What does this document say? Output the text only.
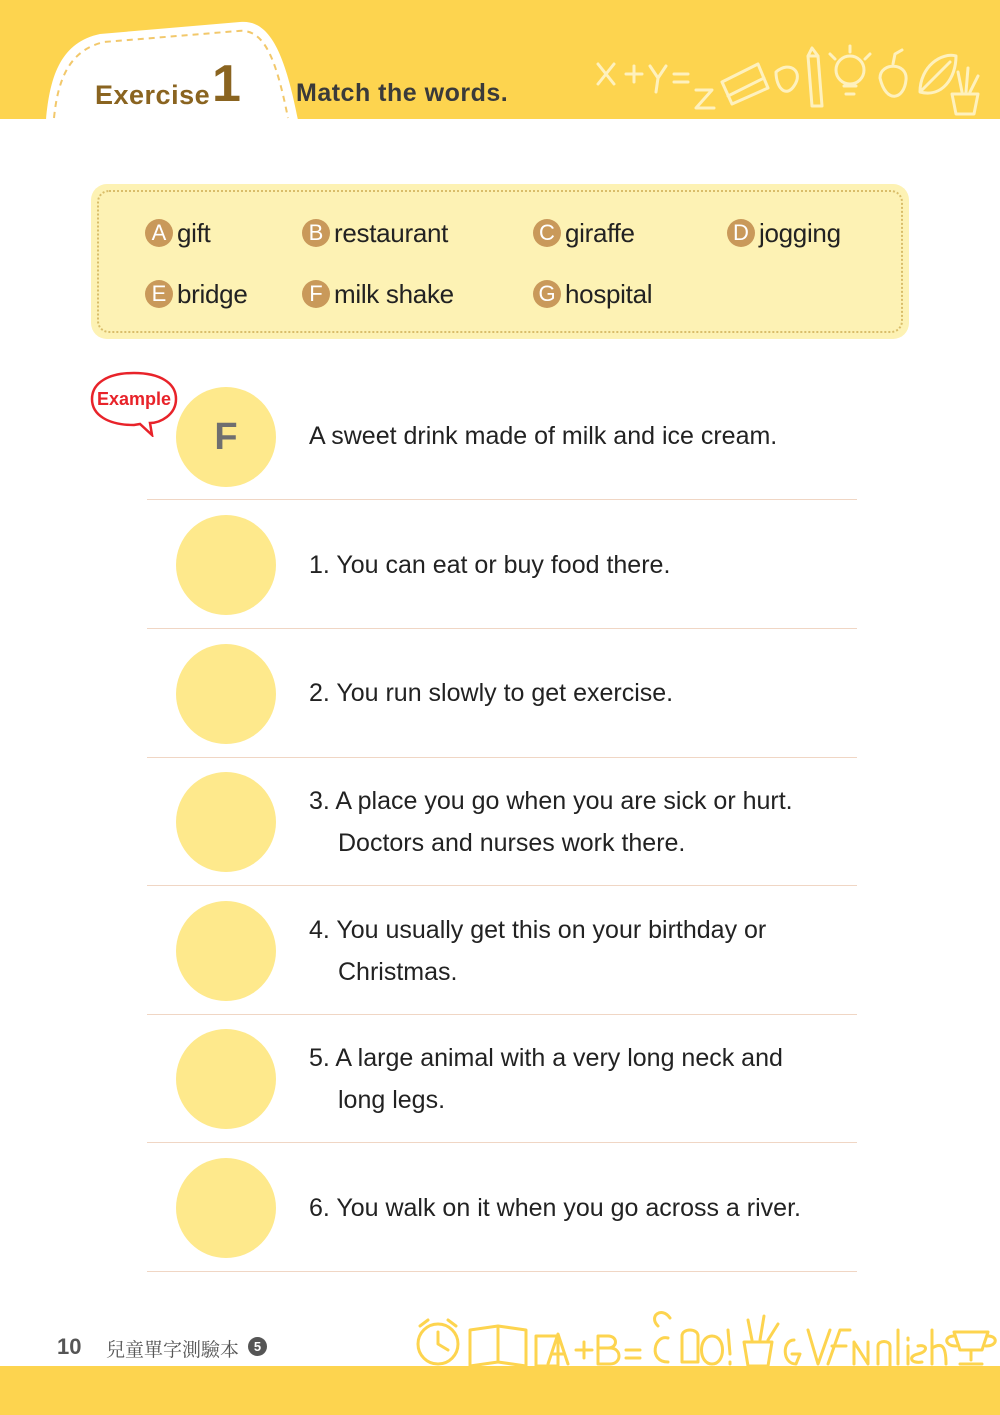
Exercise 1 Match the words.
A gift	B restaurant	C giraffe	D jogging
E bridge	F milk shake	G hospital
F
Example
A sweet drink made of milk and ice cream.
1. You can eat or buy food there.
2. You run slowly to get exercise.
3. A place you go when you are sick or hurt.
Doctors and nurses work there.
4. You usually get this on your birthday or
Christmas.
5. A large animal with a very long neck and
long legs.
6. You walk on it when you go across a river.
10 兒童單字測驗本	5
